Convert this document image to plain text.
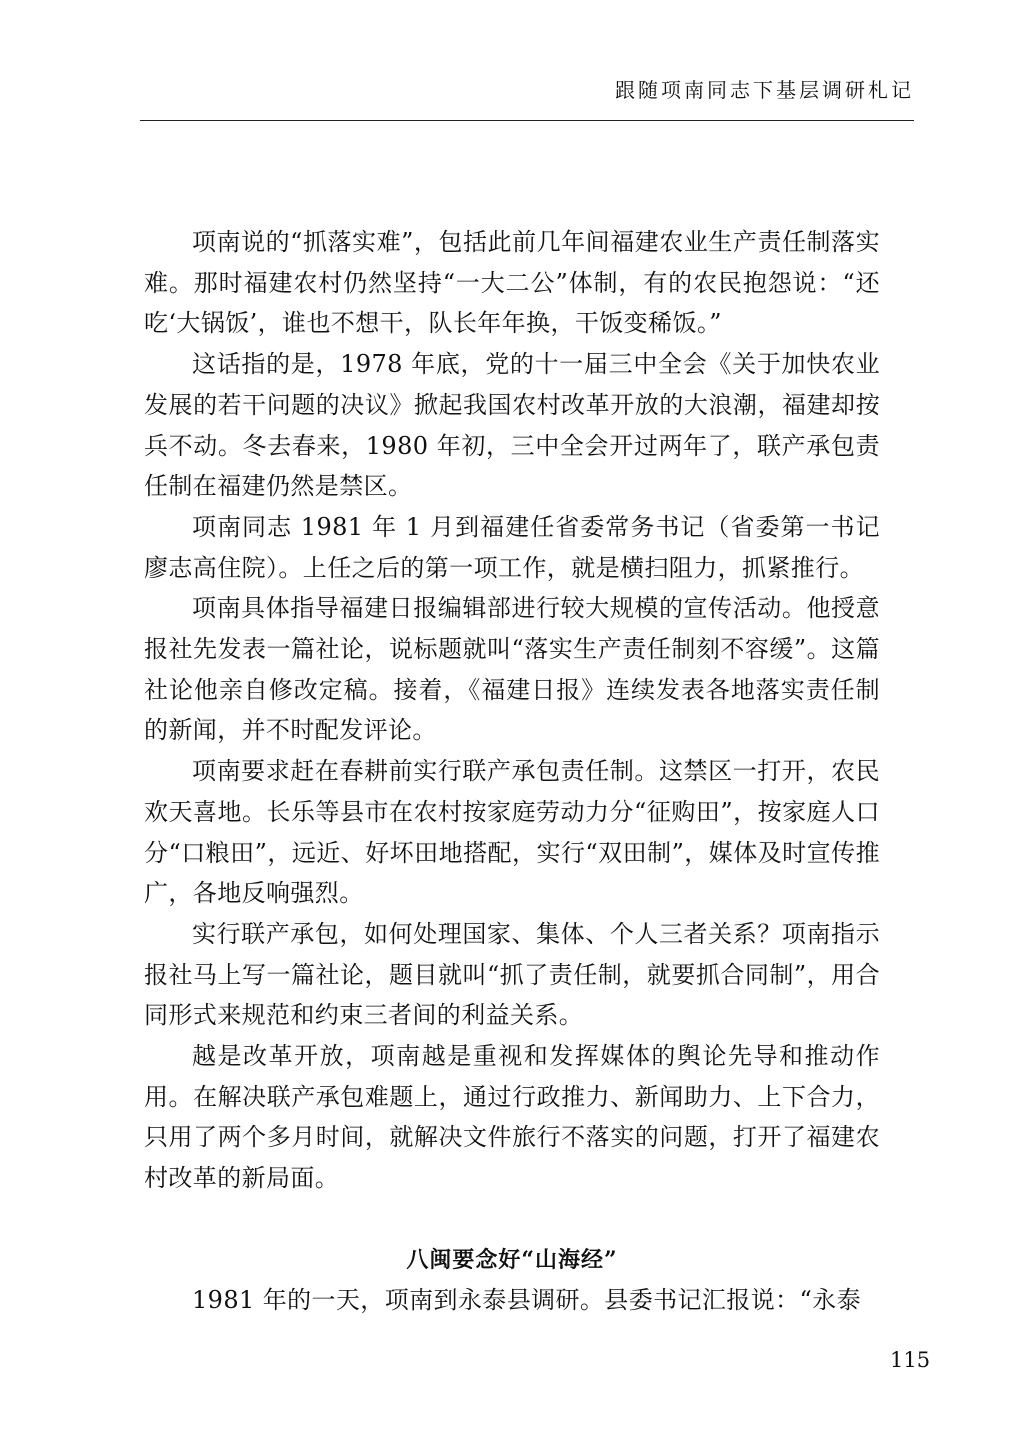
跟随项南同志下基层调研札记

项南说的“抓落实难”，包括此前几年间福建农业生产责任制落实难。那时福建农村仍然坚持“一大二公”体制，有的农民抱怨说：“还吃‘大锅饭’，谁也不想干，队长年年换，干饭变稀饭。”

这话指的是，1978 年底，党的十一届三中全会《关于加快农业发展的若干问题的决议》掀起我国农村改革开放的大浪潮，福建却按兵不动。冬去春来，1980 年初，三中全会开过两年了，联产承包责任制在福建仍然是禁区。

项南同志 1981 年 1 月到福建任省委常务书记（省委第一书记廖志高住院）。上任之后的第一项工作，就是横扫阻力，抓紧推行。

项南具体指导福建日报编辑部进行较大规模的宣传活动。他授意报社先发表一篇社论，说标题就叫“落实生产责任制刻不容缓”。这篇社论他亲自修改定稿。接着，《福建日报》连续发表各地落实责任制的新闻，并不时配发评论。

项南要求赶在春耕前实行联产承包责任制。这禁区一打开，农民欢天喜地。长乐等县市在农村按家庭劳动力分“征购田”，按家庭人口分“口粮田”，远近、好坏田地搭配，实行“双田制”，媒体及时宣传推广，各地反响强烈。

实行联产承包，如何处理国家、集体、个人三者关系？项南指示报社马上写一篇社论，题目就叫“抓了责任制，就要抓合同制”，用合同形式来规范和约束三者间的利益关系。

越是改革开放，项南越是重视和发挥媒体的舆论先导和推动作用。在解决联产承包难题上，通过行政推力、新闻助力、上下合力，只用了两个多月时间，就解决文件旅行不落实的问题，打开了福建农村改革的新局面。

八闽要念好“山海经”

1981 年的一天，项南到永泰县调研。县委书记汇报说：“永泰

115
